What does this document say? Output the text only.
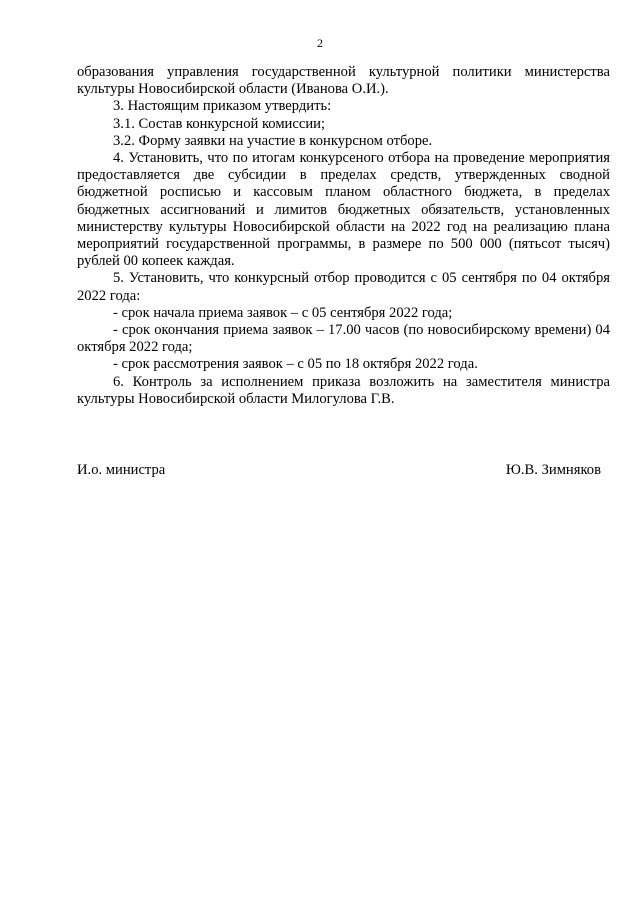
2

образования управления государственной культурной политики министерства культуры Новосибирской области (Иванова О.И.).

3. Настоящим приказом утвердить:

3.1. Состав конкурсной комиссии;

3.2. Форму заявки на участие в конкурсном отборе.

4. Установить, что по итогам конкурсеного отбора на проведение мероприятия предоставляется две субсидии в пределах средств, утвержденных сводной бюджетной росписью и кассовым планом областного бюджета, в пределах бюджетных ассигнований и лимитов бюджетных обязательств, установленных министерству культуры Новосибирской области на 2022 год на реализацию плана мероприятий государственной программы, в размере по 500 000 (пятьсот тысяч) рублей 00 копеек каждая.

5. Установить, что конкурсный отбор проводится с 05 сентября по 04 октября 2022 года:

- срок начала приема заявок – с 05 сентября 2022 года;

- срок окончания приема заявок – 17.00 часов (по новосибирскому времени) 04 октября 2022 года;

- срок рассмотрения заявок – с 05 по 18 октября 2022 года.

6. Контроль за исполнением приказа возложить на заместителя министра культуры Новосибирской области Милогулова Г.В.

И.о. министра	Ю.В. Зимняков
